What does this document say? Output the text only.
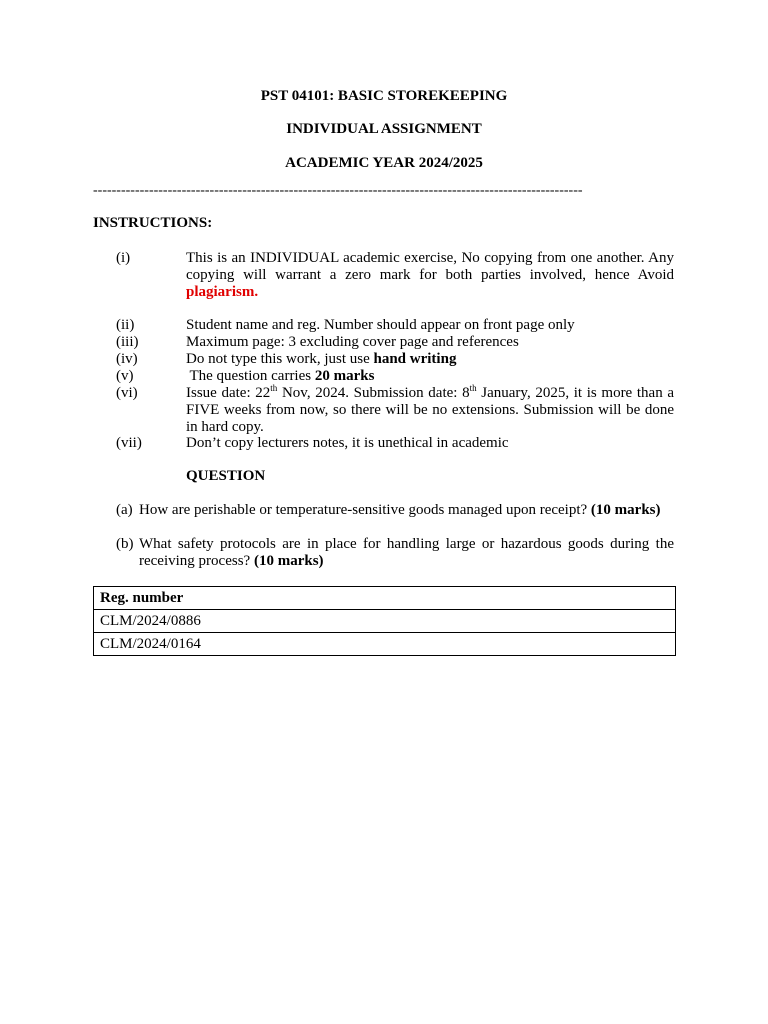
PST 04101: BASIC STOREKEEPING
INDIVIDUAL ASSIGNMENT
ACADEMIC YEAR 2024/2025
---------------------------------------------------------------------------------------------------------
INSTRUCTIONS:
(i)	This is an INDIVIDUAL academic exercise, No copying from one another. Any copying will warrant a zero mark for both parties involved, hence Avoid plagiarism.
(ii)	Student name and reg. Number should appear on front page only
(iii)	Maximum page: 3 excluding cover page and references
(iv)	Do not type this work, just use hand writing
(v)	The question carries 20 marks
(vi)	Issue date: 22th Nov, 2024. Submission date: 8th January, 2025, it is more than a FIVE weeks from now, so there will be no extensions. Submission will be done in hard copy.
(vii)	Don’t copy lecturers notes, it is unethical in academic
QUESTION
(a) How are perishable or temperature-sensitive goods managed upon receipt? (10 marks)
(b) What safety protocols are in place for handling large or hazardous goods during the receiving process? (10 marks)
Reg. number
CLM/2024/0886
CLM/2024/0164
